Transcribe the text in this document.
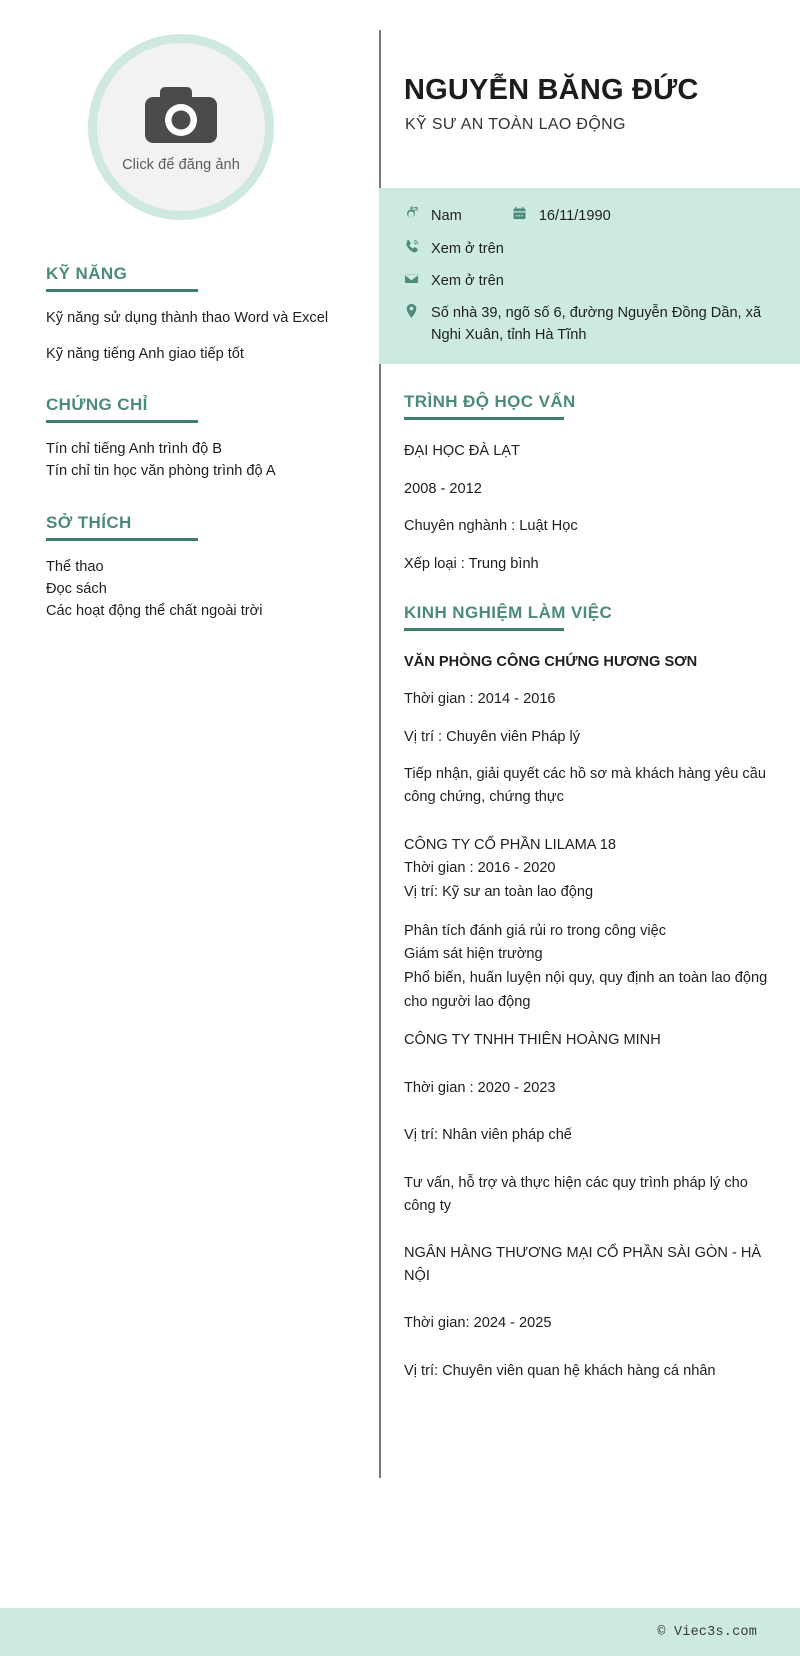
Click để đăng ảnh
KỸ NĂNG
Kỹ năng sử dụng thành thao Word và Excel
Kỹ năng tiếng Anh giao tiếp tốt
CHỨNG CHỈ
Tín chỉ tiếng Anh trình độ B
Tín chỉ tin học văn phòng trình độ A
SỞ THÍCH
Thể thao
Đọc sách
Các hoạt động thể chất ngoài trời
NGUYỄN BĂNG ĐỨC
KỸ SƯ AN TOÀN LAO ĐỘNG
Nam	16/11/1990
Xem ở trên
Xem ở trên
Số nhà 39, ngõ số 6, đường Nguyễn Đồng Dần, xã Nghi Xuân, tỉnh Hà Tĩnh
TRÌNH ĐỘ HỌC VẤN
ĐẠI HỌC ĐÀ LẠT
2008 - 2012
Chuyên nghành : Luật Học
Xếp loại : Trung bình
KINH NGHIỆM LÀM VIỆC
VĂN PHÒNG CÔNG CHỨNG HƯƠNG SƠN
Thời gian : 2014 - 2016
Vị trí : Chuyên viên Pháp lý
Tiếp nhận, giải quyết các hồ sơ mà khách hàng yêu cầu công chứng, chứng thực
CÔNG TY CỔ PHẦN LILAMA 18
Thời gian : 2016 - 2020
Vị trí: Kỹ sư an toàn lao động
Phân tích đánh giá rủi ro trong công việc
Giám sát hiện trường
Phổ biến, huấn luyện nội quy, quy định an toàn lao động cho người lao động
CÔNG TY TNHH THIÊN HOÀNG MINH
Thời gian : 2020 - 2023
Vị trí: Nhân viên pháp chế
Tư vấn, hỗ trợ và thực hiện các quy trình pháp lý cho công ty
NGÂN HÀNG THƯƠNG MẠI CỔ PHẦN SÀI GÒN - HÀ NỘI
Thời gian: 2024 - 2025
Vị trí: Chuyên viên quan hệ khách hàng cá nhân
© Viec3s.com
